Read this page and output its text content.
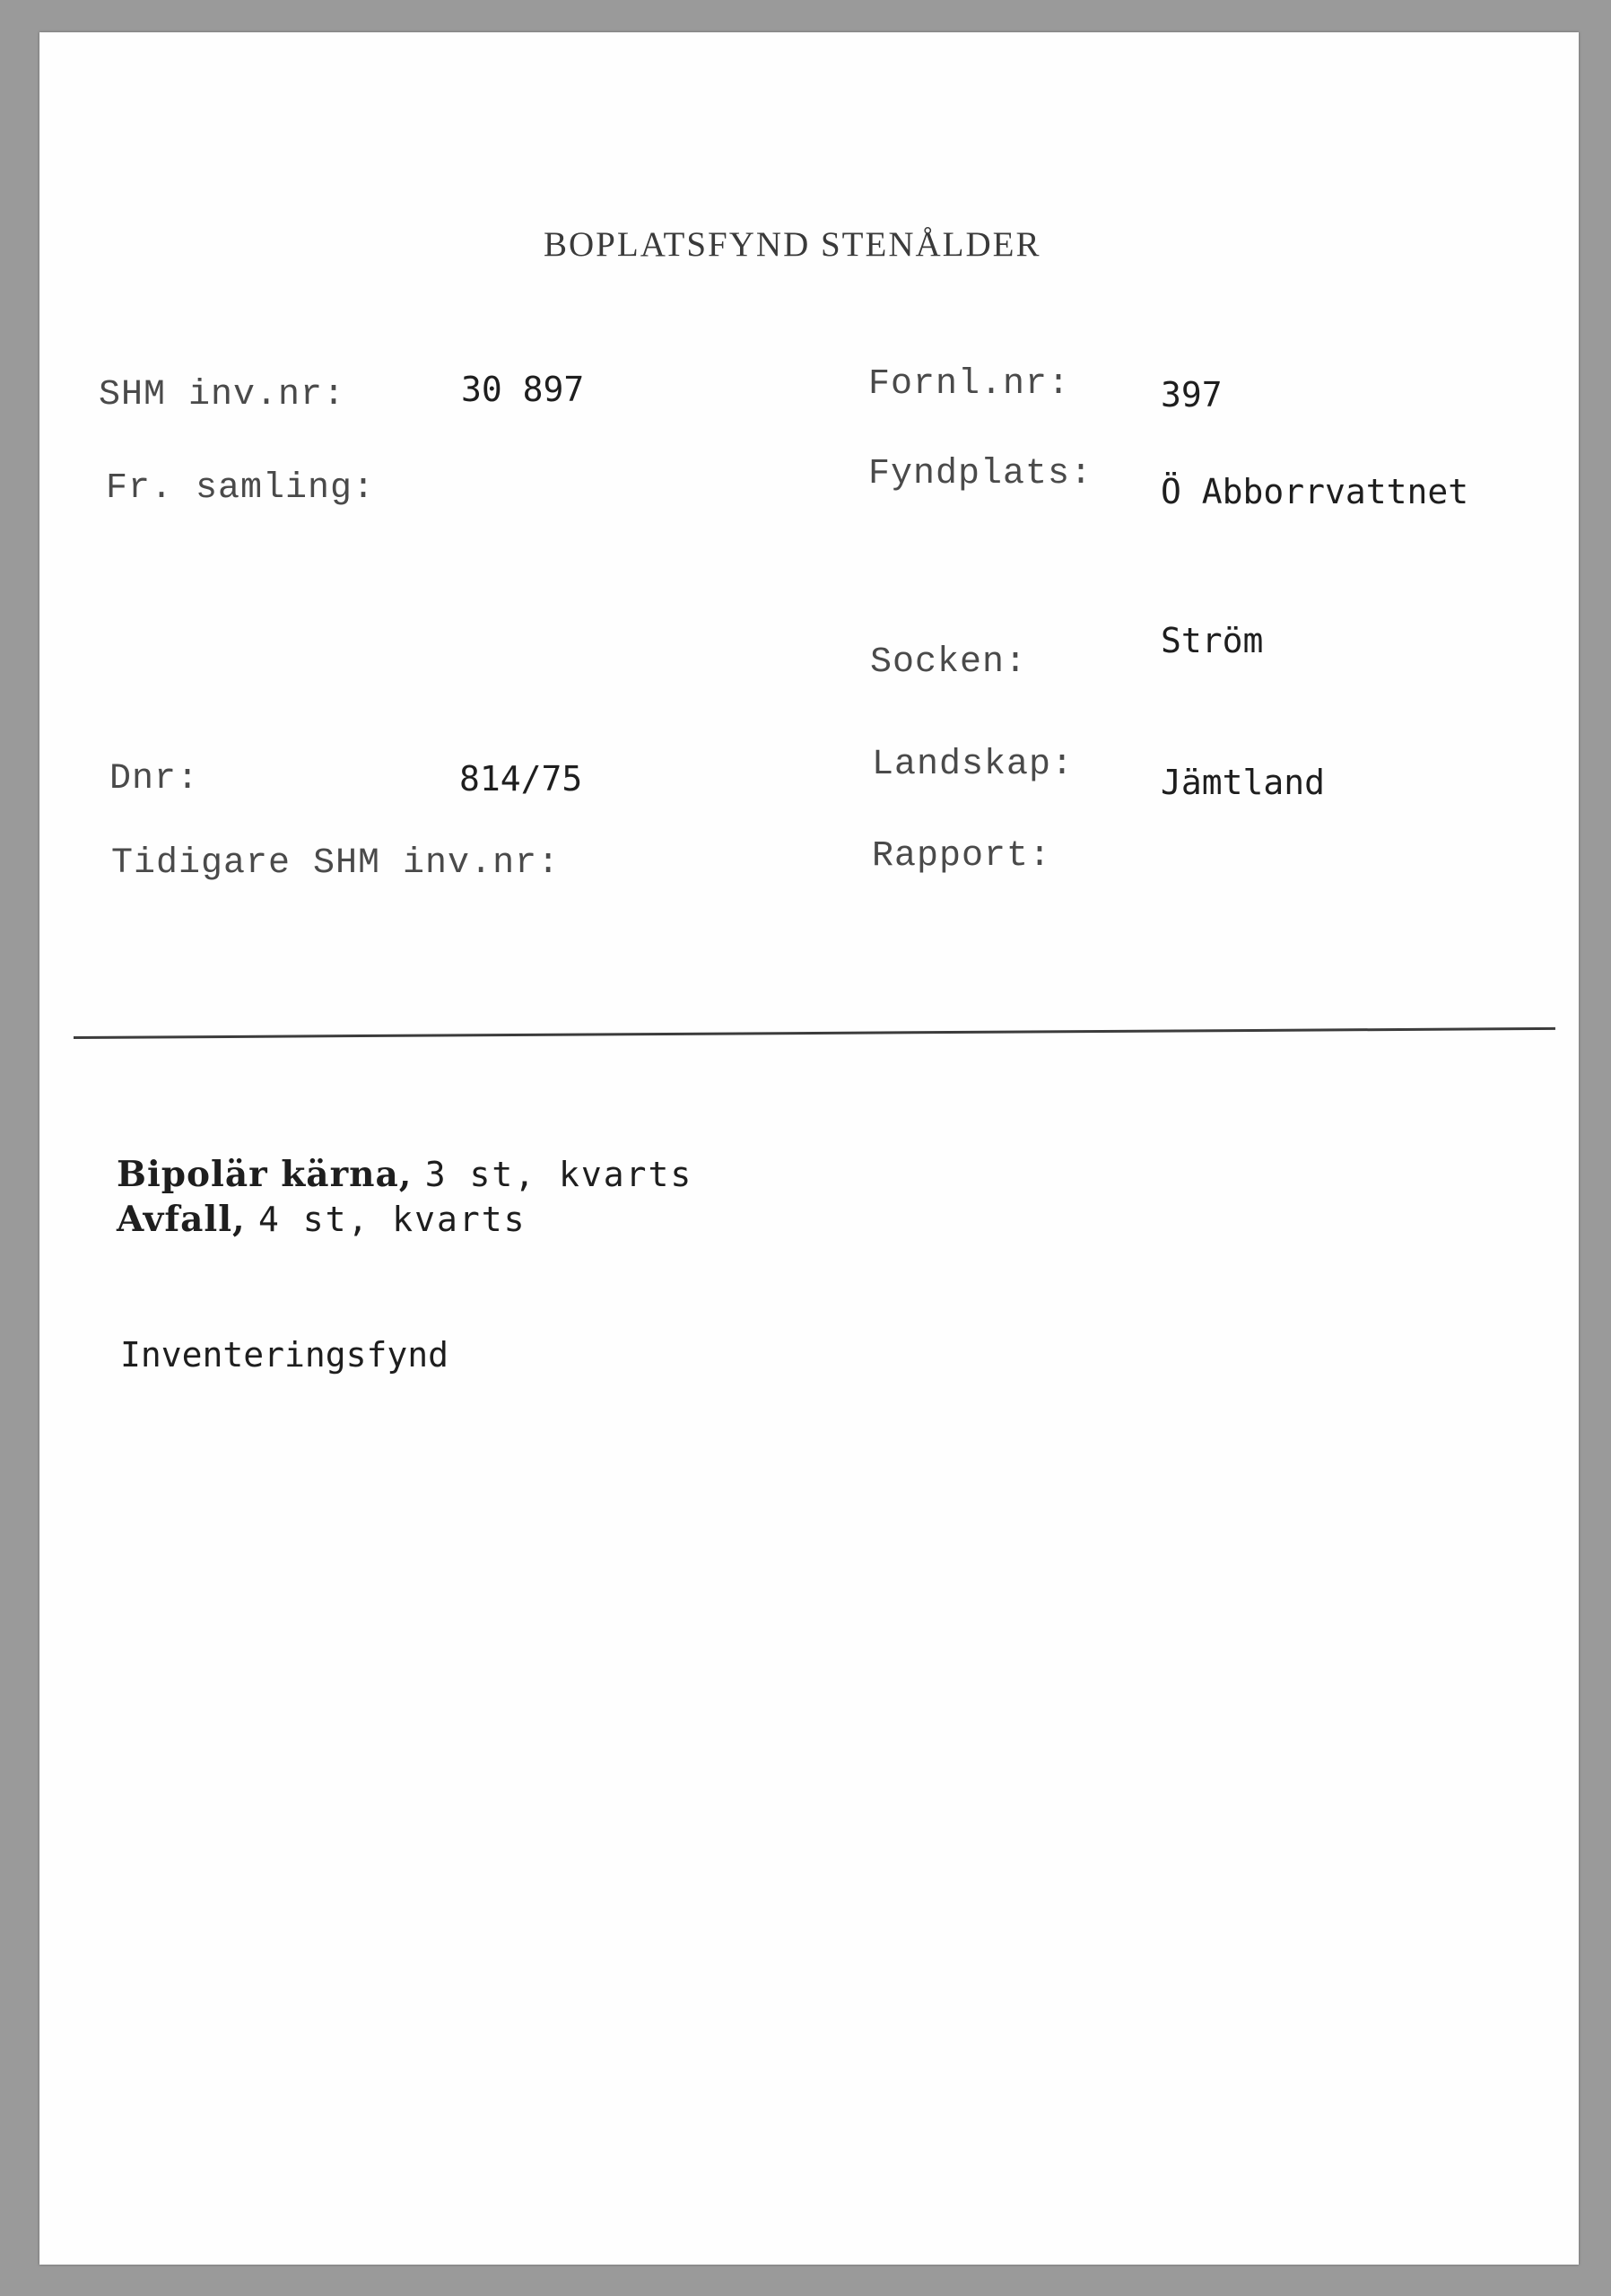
BOPLATSFYND STENÅLDER
SHM inv.nr:	30 897
Fr. samling:
Dnr:	814/75
Tidigare SHM inv.nr:
Fornl.nr:	397
Fyndplats: Ö Abborrvattnet
Socken:
Ström
Landskap:	Jämtland
Rapport:
Bipolär kärna, 3 st, kvarts
Avfall, 4 st, kvarts
Inventeringsfynd
